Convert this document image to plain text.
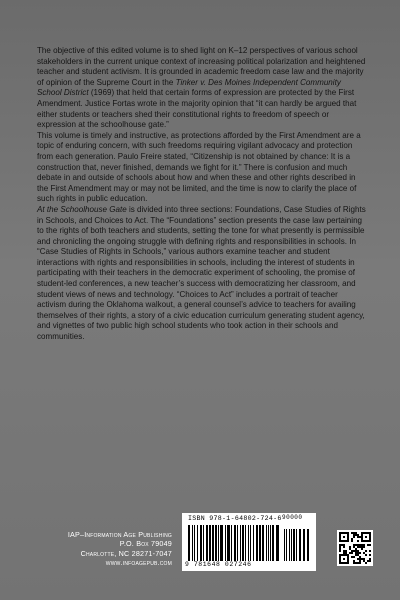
The objective of this edited volume is to shed light on K–12 perspectives of various school stakeholders in the current unique context of increasing political polarization and heightened teacher and student activism. It is grounded in academic freedom case law and the majority of opinion of the Supreme Court in the Tinker v. Des Moines Independent Community School District (1969) that held that certain forms of expression are protected by the First Amendment. Justice Fortas wrote in the majority opinion that “it can hardly be argued that either students or teachers shed their constitutional rights to freedom of speech or expression at the schoolhouse gate.”

This volume is timely and instructive, as protections afforded by the First Amendment are a topic of enduring concern, with such freedoms requiring vigilant advocacy and protection from each generation. Paulo Freire stated, “Citizenship is not obtained by chance: It is a construction that, never finished, demands we fight for it.” There is confusion and much debate in and outside of schools about how and when these and other rights described in the First Amendment may or may not be limited, and the time is now to clarify the place of such rights in public education.

At the Schoolhouse Gate is divided into three sections: Foundations, Case Studies of Rights in Schools, and Choices to Act. The “Foundations” section presents the case law pertaining to the rights of both teachers and students, setting the tone for what presently is permissible and chronicling the ongoing struggle with defining rights and responsibilities in schools. In “Case Studies of Rights in Schools,” various authors examine teacher and student interactions with rights and responsibilities in schools, including the interest of students in participating with their teachers in the democratic experiment of schooling, the promise of student-led conferences, a new teacher’s success with democratizing her classroom, and student views of news and technology. “Choices to Act” includes a portrait of teacher activism during the Oklahoma walkout, a general counsel’s advice to teachers for availing themselves of their rights, a story of a civic education curriculum generating student agency, and vignettes of two public high school students who took action in their schools and communities.

IAP–Information Age Publishing
P.O. Box 79049
Charlotte, NC 28271-7047
www.infoagepub.com
ISBN 978-1-64802-724-6 90000
9 781648 027246
